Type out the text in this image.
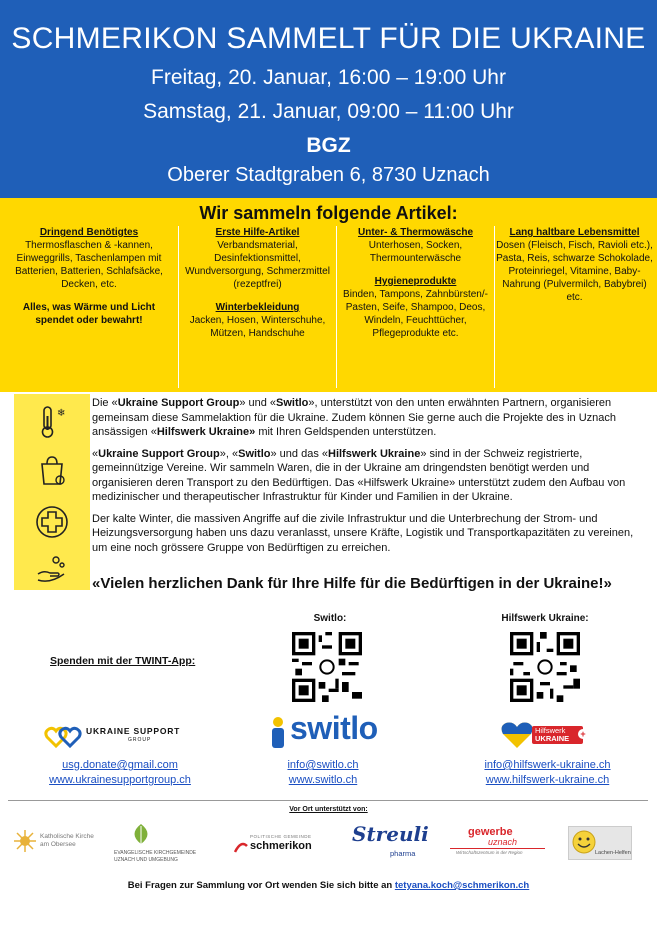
SCHMERIKON SAMMELT FÜR DIE UKRAINE
Freitag, 20. Januar, 16:00 – 19:00 Uhr
Samstag, 21. Januar, 09:00 – 11:00 Uhr
BGZ
Oberer Stadtgraben 6, 8730 Uznach
Wir sammeln folgende Artikel:
Dringend Benötigtes
Thermosflaschen & -kannen, Einweggrills, Taschenlampen mit Batterien, Batterien, Schlafsäcke, Decken, etc.
Alles, was Wärme und Licht spendet oder bewahrt!
Erste Hilfe-Artikel
Verbandsmaterial, Desinfektionsmittel, Wundversorgung, Schmerzmittel (rezeptfrei)
Winterbekleidung
Jacken, Hosen, Winterschuhe, Mützen, Handschuhe
Unter- & Thermowäsche
Unterhosen, Socken, Thermounterwäsche
Hygieneprodukte
Binden, Tampons, Zahnbürsten/-Pasten, Seife, Shampoo, Deos, Windeln, Feuchttücher, Pflegeprodukte etc.
Lang haltbare Lebensmittel
Dosen (Fleisch, Fisch, Ravioli etc.), Pasta, Reis, schwarze Schokolade, Proteinriegel, Vitamine, Baby-Nahrung (Pulvermilch, Babybrei) etc.
❄

Die «Ukraine Support Group» und «Switlo», unterstützt von den unten erwähnten Partnern, organisieren gemeinsam diese Sammelaktion für die Ukraine. Zudem können Sie gerne auch die Projekte des in Uznach ansässigen «Hilfswerk Ukraine» mit Ihren Geldspenden unterstützen.

«Ukraine Support Group», «Switlo» und das «Hilfswerk Ukraine» sind in der Schweiz registrierte, gemeinnützige Vereine. Wir sammeln Waren, die in der Ukraine am dringendsten benötigt werden und organisieren deren Transport zu den Bedürftigen. Das «Hilfswerk Ukraine» unterstützt zudem den Aufbau von medizinischer und therapeutischer Infrastruktur für Kinder und Familien in der Ukraine.

Der kalte Winter, die massiven Angriffe auf die zivile Infrastruktur und die Unterbrechung der Strom- und Heizungsversorgung haben uns dazu veranlasst, unsere Kräfte, Logistik und Transportkapazitäten zu vereinen, um eine noch grössere Gruppe von Bedürftigen zu erreichen.

«Vielen herzlichen Dank für Ihre Hilfe für die Bedürftigen in der Ukraine!»
Switlo:	Hilfswerk Ukraine:
Spenden mit der TWINT-App:
UKRAINE SUPPORT
GROUP	switlo	Hilfswerk
UKRAINE +
usg.donate@gmail.com
www.ukrainesupportgroup.ch
info@switlo.ch
www.switlo.ch
info@hilfswerk-ukraine.ch
www.hilfswerk-ukraine.ch
Vor Ort unterstützt von:
Katholische Kirche
am Obersee
EVANGELISCHE KIRCHGEMEINDE
UZNACH UND UMGEBUNG
POLITISCHE GEMEINDE
schmerikon Streuli
pharma
gewerbe
uznach
Wirtschaftszentrum in der Region	Lachen-Helfen
Bei Fragen zur Sammlung vor Ort wenden Sie sich bitte an tetyana.koch@schmerikon.ch
